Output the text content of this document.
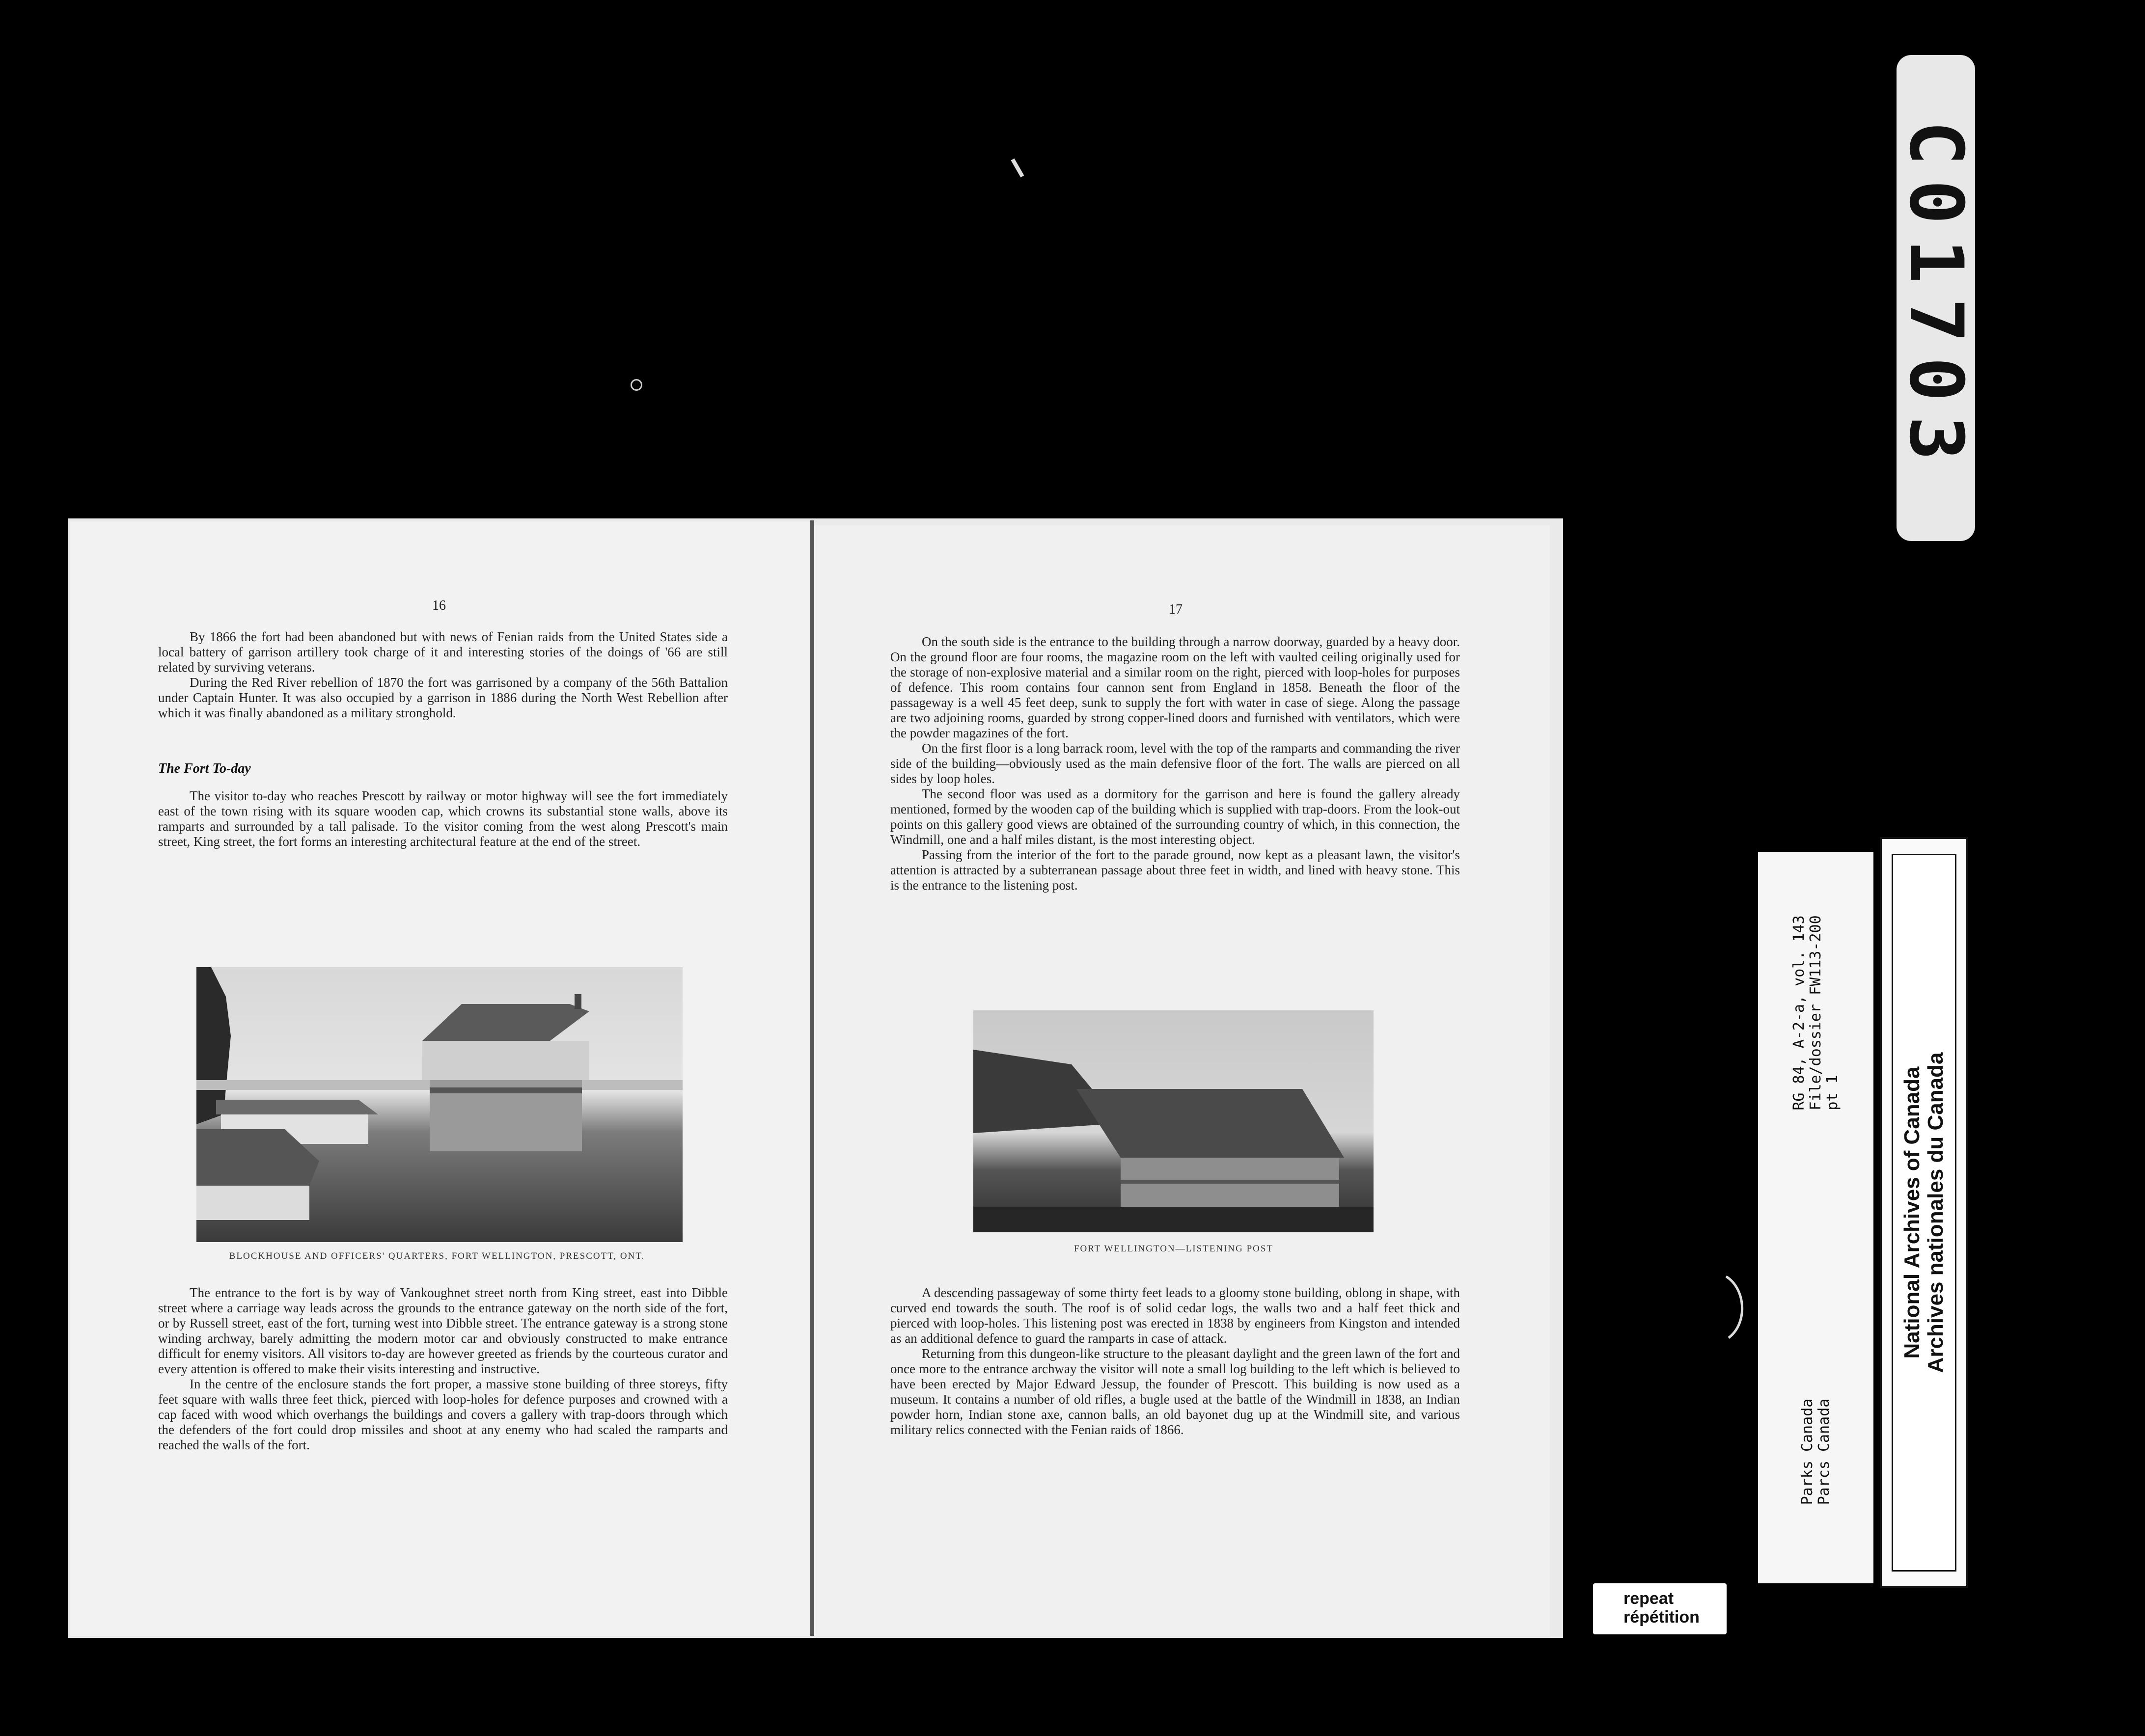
C01703
RG 84, A-2-a, vol. 143 File/dossier FW113-200 pt 1
Parks Canada Parcs Canada
National Archives of Canada Archives nationales du Canada
repeat
répétition
16

By 1866 the fort had been abandoned but with news of Fenian raids from the United States side a local battery of garrison artillery took charge of it and interesting stories of the doings of '66 are still related by surviving veterans.

During the Red River rebellion of 1870 the fort was garrisoned by a company of the 56th Battalion under Captain Hunter. It was also occupied by a garrison in 1886 during the North West Rebellion after which it was finally abandoned as a military stronghold.

The Fort To-day

The visitor to-day who reaches Prescott by railway or motor highway will see the fort immediately east of the town rising with its square wooden cap, which crowns its substantial stone walls, above its ramparts and surrounded by a tall palisade. To the visitor coming from the west along Prescott's main street, King street, the fort forms an interesting architectural feature at the end of the street.

BLOCKHOUSE AND OFFICERS' QUARTERS, FORT WELLINGTON, PRESCOTT, ONT.

The entrance to the fort is by way of Vankoughnet street north from King street, east into Dibble street where a carriage way leads across the grounds to the entrance gateway on the north side of the fort, or by Russell street, east of the fort, turning west into Dibble street. The entrance gateway is a strong stone winding archway, barely admitting the modern motor car and obviously constructed to make entrance difficult for enemy visitors. All visitors to-day are however greeted as friends by the courteous curator and every attention is offered to make their visits interesting and instructive.

In the centre of the enclosure stands the fort proper, a massive stone building of three storeys, fifty feet square with walls three feet thick, pierced with loop-holes for defence purposes and crowned with a cap faced with wood which overhangs the buildings and covers a gallery with trap-doors through which the defenders of the fort could drop missiles and shoot at any enemy who had scaled the ramparts and reached the walls of the fort.

17

On the south side is the entrance to the building through a narrow doorway, guarded by a heavy door. On the ground floor are four rooms, the magazine room on the left with vaulted ceiling originally used for the storage of non-explosive material and a similar room on the right, pierced with loop-holes for purposes of defence. This room contains four cannon sent from England in 1858. Beneath the floor of the passageway is a well 45 feet deep, sunk to supply the fort with water in case of siege. Along the passage are two adjoining rooms, guarded by strong copper-lined doors and furnished with ventilators, which were the powder magazines of the fort.

On the first floor is a long barrack room, level with the top of the ramparts and commanding the river side of the building—obviously used as the main defensive floor of the fort. The walls are pierced on all sides by loop holes.

The second floor was used as a dormitory for the garrison and here is found the gallery already mentioned, formed by the wooden cap of the building which is supplied with trap-doors. From the look-out points on this gallery good views are obtained of the surrounding country of which, in this connection, the Windmill, one and a half miles distant, is the most interesting object.

Passing from the interior of the fort to the parade ground, now kept as a pleasant lawn, the visitor's attention is attracted by a subterranean passage about three feet in width, and lined with heavy stone. This is the entrance to the listening post.

FORT WELLINGTON—LISTENING POST

A descending passageway of some thirty feet leads to a gloomy stone building, oblong in shape, with curved end towards the south. The roof is of solid cedar logs, the walls two and a half feet thick and pierced with loop-holes. This listening post was erected in 1838 by engineers from Kingston and intended as an additional defence to guard the ramparts in case of attack.

Returning from this dungeon-like structure to the pleasant daylight and the green lawn of the fort and once more to the entrance archway the visitor will note a small log building to the left which is believed to have been erected by Major Edward Jessup, the founder of Prescott. This building is now used as a museum. It contains a number of old rifles, a bugle used at the battle of the Windmill in 1838, an Indian powder horn, Indian stone axe, cannon balls, an old bayonet dug up at the Windmill site, and various military relics connected with the Fenian raids of 1866.
